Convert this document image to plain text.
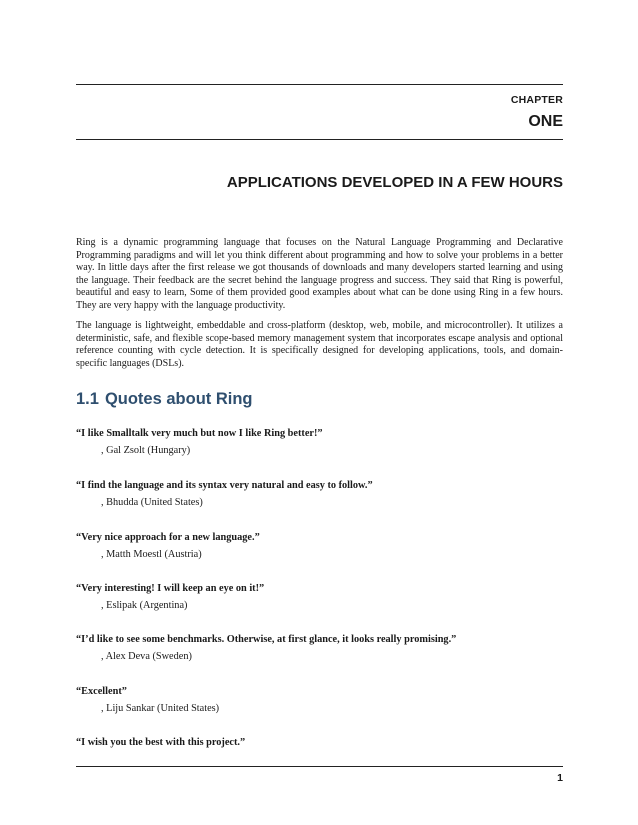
CHAPTER
ONE
APPLICATIONS DEVELOPED IN A FEW HOURS

Ring is a dynamic programming language that focuses on the Natural Language Programming and Declarative Programming paradigms and will let you think different about programming and how to solve your problems in a better way. In little days after the first release we got thousands of downloads and many developers started learning and using the language. Their feedback are the secret behind the language progress and success. They said that Ring is powerful, beautiful and easy to learn, Some of them provided good examples about what can be done using Ring in a few hours. They are very happy with the language productivity.

The language is lightweight, embeddable and cross-platform (desktop, web, mobile, and microcontroller). It utilizes a deterministic, safe, and flexible scope-based memory management system that incorporates escape analysis and optional reference counting with cycle detection. It is specifically designed for developing applications, tools, and domain-specific languages (DSLs).

1.1 Quotes about Ring
“I like Smalltalk very much but now I like Ring better!”
, Gal Zsolt (Hungary)
“I find the language and its syntax very natural and easy to follow.”
, Bhudda (United States)
“Very nice approach for a new language.”
, Matth Moestl (Austria)
“Very interesting! I will keep an eye on it!”
, Eslipak (Argentina)
“I’d like to see some benchmarks. Otherwise, at first glance, it looks really promising.”
, Alex Deva (Sweden)
“Excellent”
, Liju Sankar (United States)
“I wish you the best with this project.”
1
